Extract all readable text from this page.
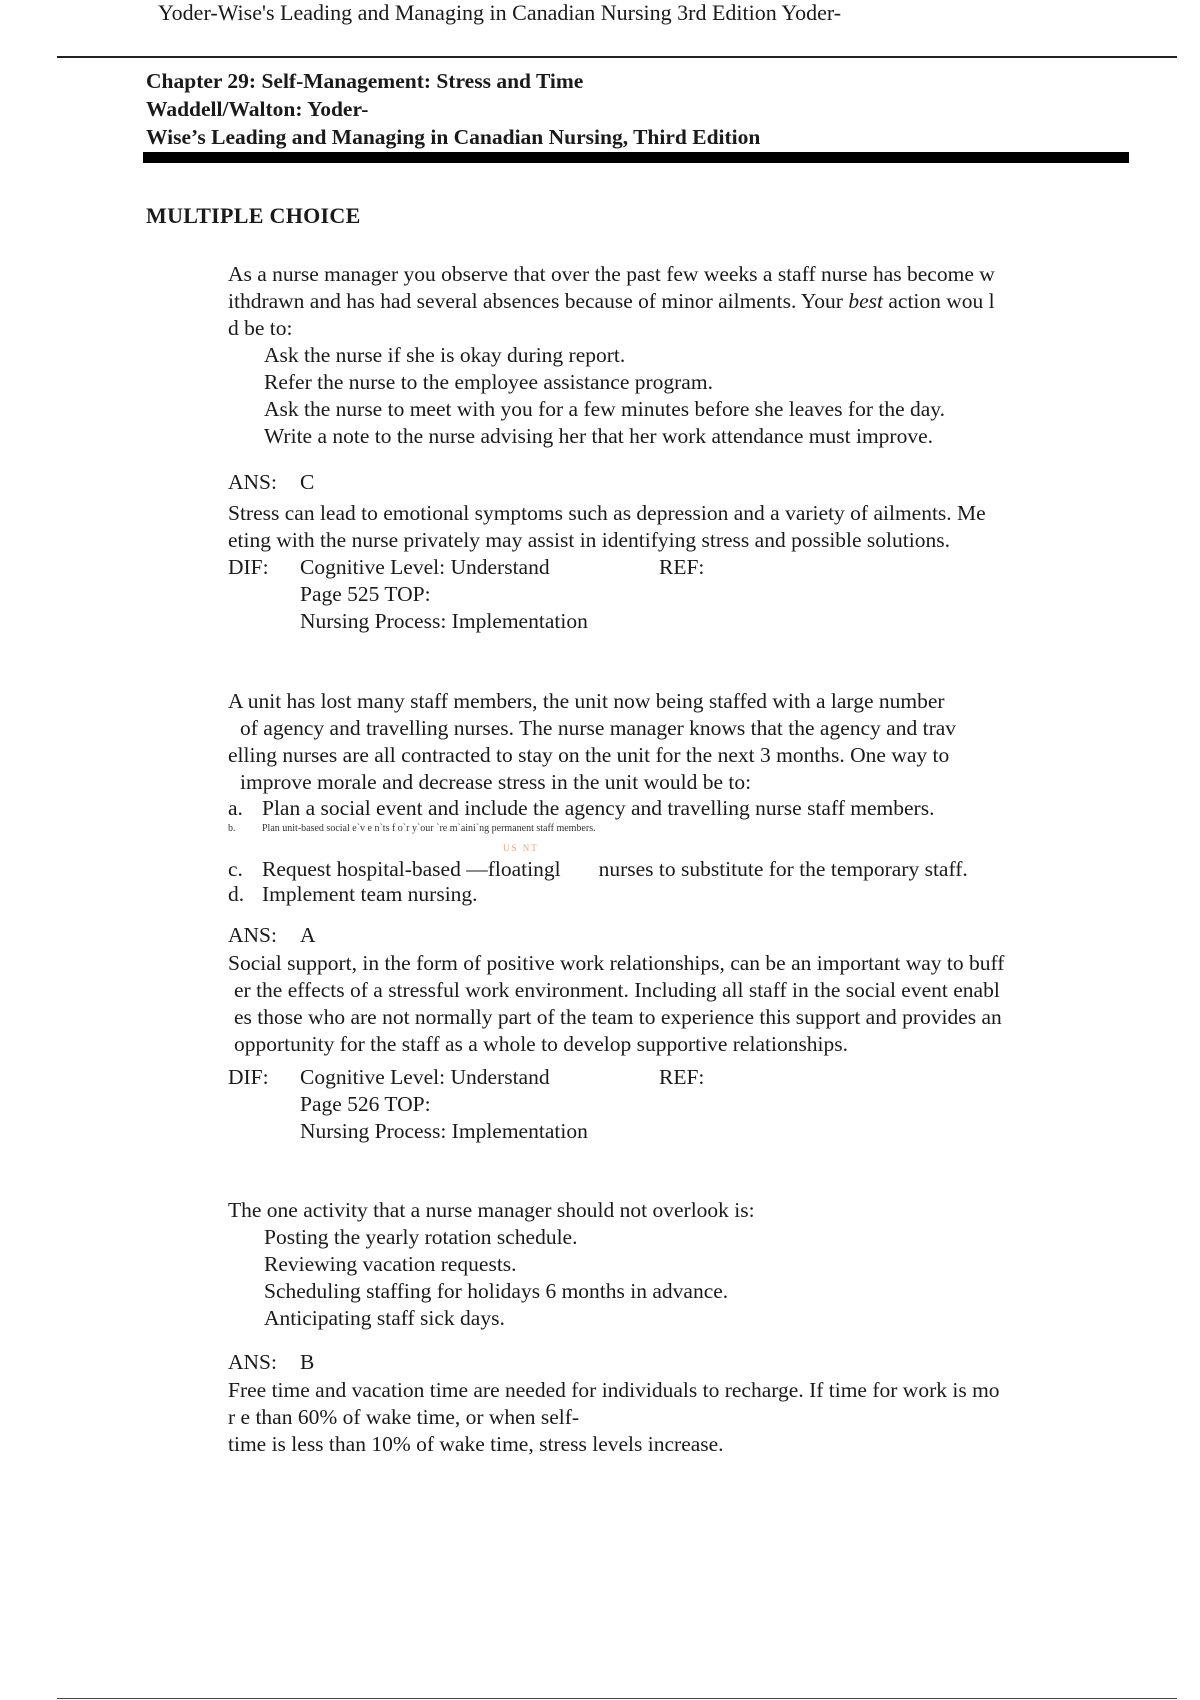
Yoder-Wise's Leading and Managing in Canadian Nursing 3rd Edition Yoder-
Chapter 29: Self-Management: Stress and Time
Waddell/Walton: Yoder-
Wise’s Leading and Managing in Canadian Nursing, Third Edition
MULTIPLE CHOICE
As a nurse manager you observe that over the past few weeks a staff nurse has become w
ithdrawn and has had several absences because of minor ailments. Your best action wou l
d be to:
Ask the nurse if she is okay during report.
Refer the nurse to the employee assistance program.
Ask the nurse to meet with you for a few minutes before she leaves for the day.
Write a note to the nurse advising her that her work attendance must improve.
ANS: C
Stress can lead to emotional symptoms such as depression and a variety of ailments. Me
eting with the nurse privately may assist in identifying stress and possible solutions.
DIF: Cognitive Level: Understand	REF:
Page 525 TOP:
Nursing Process: Implementation
A unit has lost many staff members, the unit now being staffed with a large number
of agency and travelling nurses. The nurse manager knows that the agency and trav
elling nurses are all contracted to stay on the unit for the next 3 months. One way to
improve morale and decrease stress in the unit would be to:
a. Plan a social event and include the agency and travelling nurse staff members.
b.	Plan unit-based social e`v e n`ts f o`r y`our `re m`aini`ng permanent staff members.
US NT
c. Request hospital-based —floatingl nurses to substitute for the temporary staff.
d. Implement team nursing.
ANS: A
Social support, in the form of positive work relationships, can be an important way to buff
er the effects of a stressful work environment. Including all staff in the social event enabl
es those who are not normally part of the team to experience this support and provides an
opportunity for the staff as a whole to develop supportive relationships.
DIF: Cognitive Level: Understand	REF:
Page 526 TOP:
Nursing Process: Implementation
The one activity that a nurse manager should not overlook is:
Posting the yearly rotation schedule.
Reviewing vacation requests.
Scheduling staffing for holidays 6 months in advance.
Anticipating staff sick days.
ANS: B
Free time and vacation time are needed for individuals to recharge. If time for work is mo
r e than 60% of wake time, or when self-
time is less than 10% of wake time, stress levels increase.
